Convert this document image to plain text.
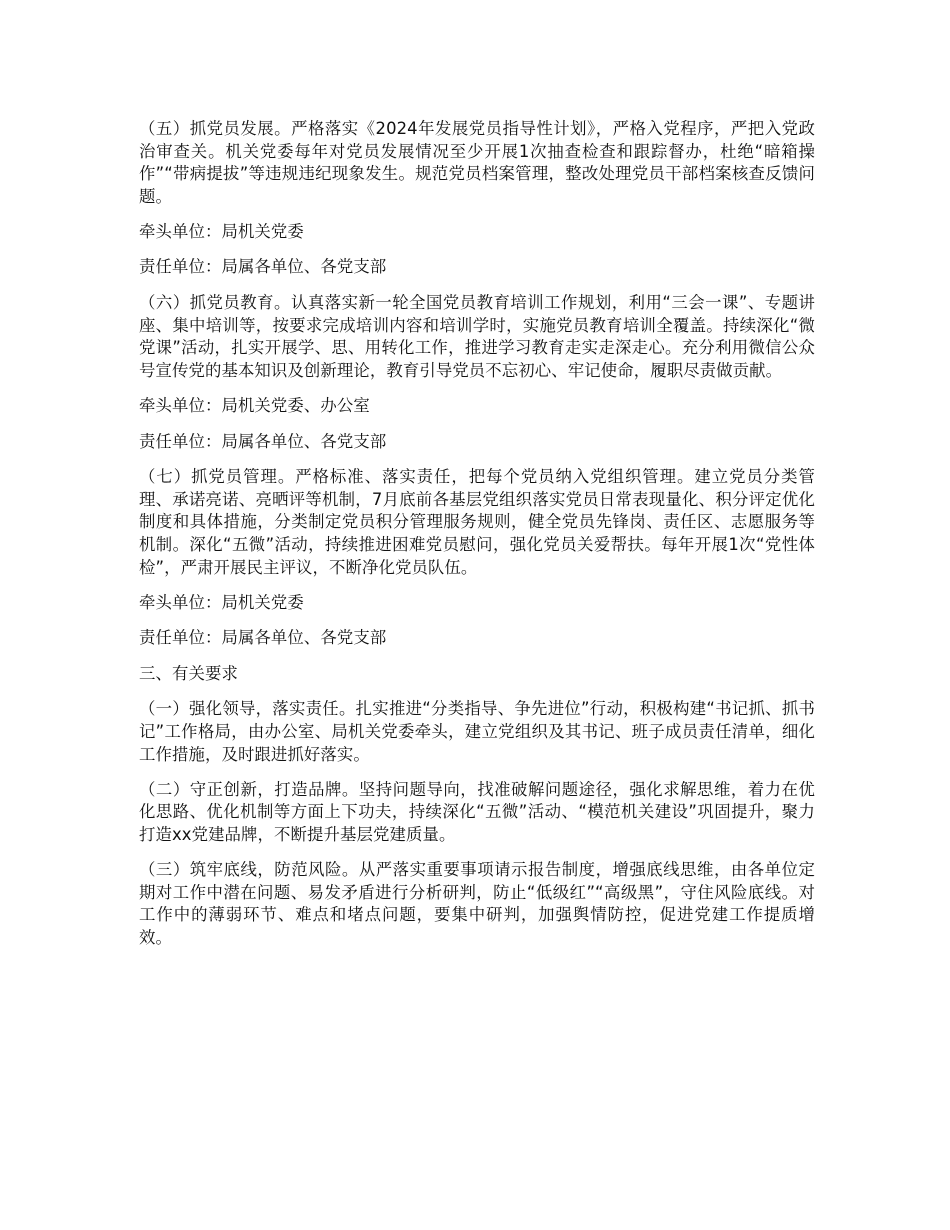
（五）抓党员发展。严格落实《2024年发展党员指导性计划》，严格入党程序，严把入党政治审查关。机关党委每年对党员发展情况至少开展1次抽查检查和跟踪督办，杜绝“暗箱操作”“带病提拔”等违规违纪现象发生。规范党员档案管理，整改处理党员干部档案核查反馈问题。

牵头单位：局机关党委

责任单位：局属各单位、各党支部

（六）抓党员教育。认真落实新一轮全国党员教育培训工作规划，利用“三会一课”、专题讲座、集中培训等，按要求完成培训内容和培训学时，实施党员教育培训全覆盖。持续深化“微党课”活动，扎实开展学、思、用转化工作，推进学习教育走实走深走心。充分利用微信公众号宣传党的基本知识及创新理论，教育引导党员不忘初心、牢记使命，履职尽责做贡献。

牵头单位：局机关党委、办公室

责任单位：局属各单位、各党支部

（七）抓党员管理。严格标准、落实责任，把每个党员纳入党组织管理。建立党员分类管理、承诺亮诺、亮晒评等机制，7月底前各基层党组织落实党员日常表现量化、积分评定优化制度和具体措施，分类制定党员积分管理服务规则，健全党员先锋岗、责任区、志愿服务等机制。深化“五微”活动，持续推进困难党员慰问，强化党员关爱帮扶。每年开展1次“党性体检”，严肃开展民主评议，不断净化党员队伍。

牵头单位：局机关党委

责任单位：局属各单位、各党支部

三、有关要求

（一）强化领导，落实责任。扎实推进“分类指导、争先进位”行动，积极构建“书记抓、抓书记”工作格局，由办公室、局机关党委牵头，建立党组织及其书记、班子成员责任清单，细化工作措施，及时跟进抓好落实。

（二）守正创新，打造品牌。坚持问题导向，找准破解问题途径，强化求解思维，着力在优化思路、优化机制等方面上下功夫，持续深化“五微”活动、“模范机关建设”巩固提升，聚力打造xx党建品牌，不断提升基层党建质量。

（三）筑牢底线，防范风险。从严落实重要事项请示报告制度，增强底线思维，由各单位定期对工作中潜在问题、易发矛盾进行分析研判，防止“低级红”“高级黑”，守住风险底线。对工作中的薄弱环节、难点和堵点问题，要集中研判，加强舆情防控，促进党建工作提质增效。
